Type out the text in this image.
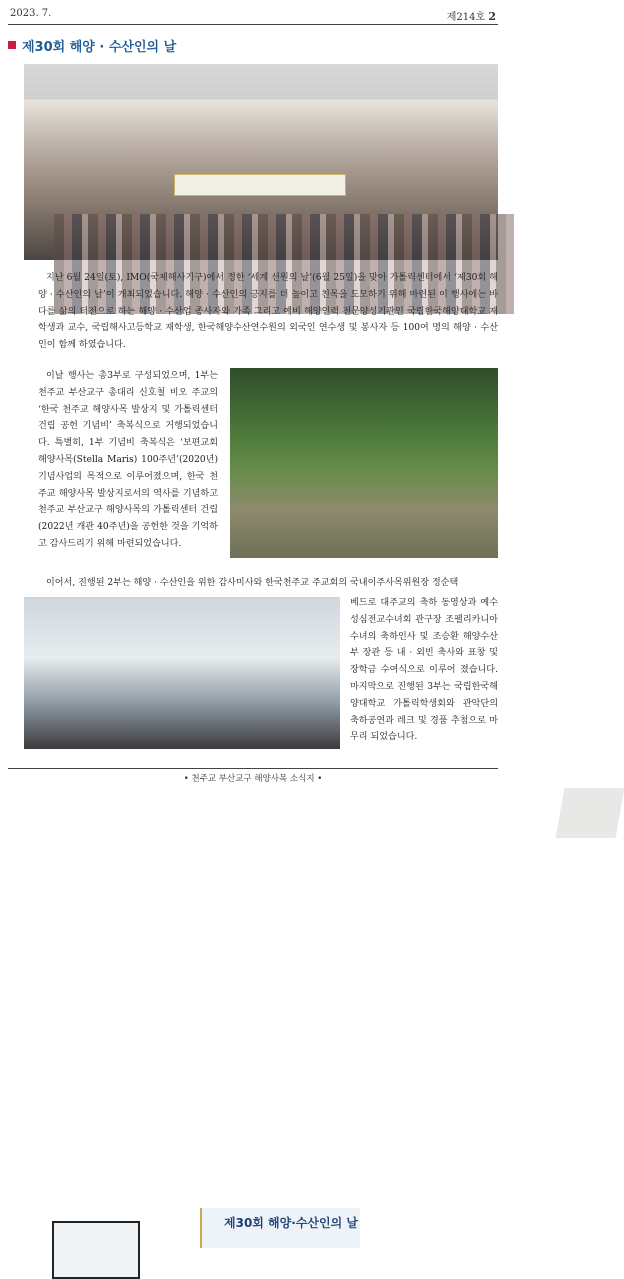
2023. 7.	제214호 2
제30회 해양 · 수산인의 날

지난 6월 24일(토), IMO(국제해사기구)에서 정한 ‘세계 선원의 날’(6월 25일)을 맞아 가톨릭센터에서 ‘제30회 해양 · 수산인의 날’이 개최되었습니다. 해양 · 수산인의 긍지를 더 높이고 친목을 도모하기 위해 마련된 이 행사에는 바다를 삶의 터전으로 하는 해양 · 수산업 종사자와 가족 그리고 예비 해양인력 전문양성기관인 국립한국해양대학교 재학생과 교수, 국립해사고등학교 재학생, 한국해양수산연수원의 외국인 연수생 및 봉사자 등 100여 명의 해양 · 수산인이 함께 하였습니다.

이날 행사는 총3부로 구성되었으며, 1부는 천주교 부산교구 총대리 신호철 비오 주교의 ‘한국 천주교 해양사목 발상지 및 가톨릭센터 건립 공헌 기념비’ 축복식으로 거행되었습니다. 특별히, 1부 기념비 축복식은 ‘보편교회 해양사목(Stella Maris) 100주년’(2020년) 기념사업의 목적으로 이루어졌으며, 한국 천주교 해양사목 발상지로서의 역사를 기념하고 천주교 부산교구 해양사목의 가톨릭센터 건립(2022년 개관 40주년)을 공헌한 것을 기억하고 감사드리기 위해 마련되었습니다.

이어서, 진행된 2부는 해양 · 수산인을 위한 감사미사와 한국천주교 주교회의 국내이주사목위원장 정순택

제30회 해양·수산인의 날

베드로 대주교의 축하 동영상과 예수성심전교수녀회 관구장 조펠리카니아 수녀의 축하인사 및 조승환 해양수산부 장관 등 내 · 외빈 축사와 표창 및 장학금 수여식으로 이루어 졌습니다. 마지막으로 진행된 3부는 국립한국해양대학교 가톨릭학생회와 관악단의 축하공연과 레크 및 경품 추첨으로 마무리 되었습니다.

• 천주교 부산교구 해양사목 소식지 •
